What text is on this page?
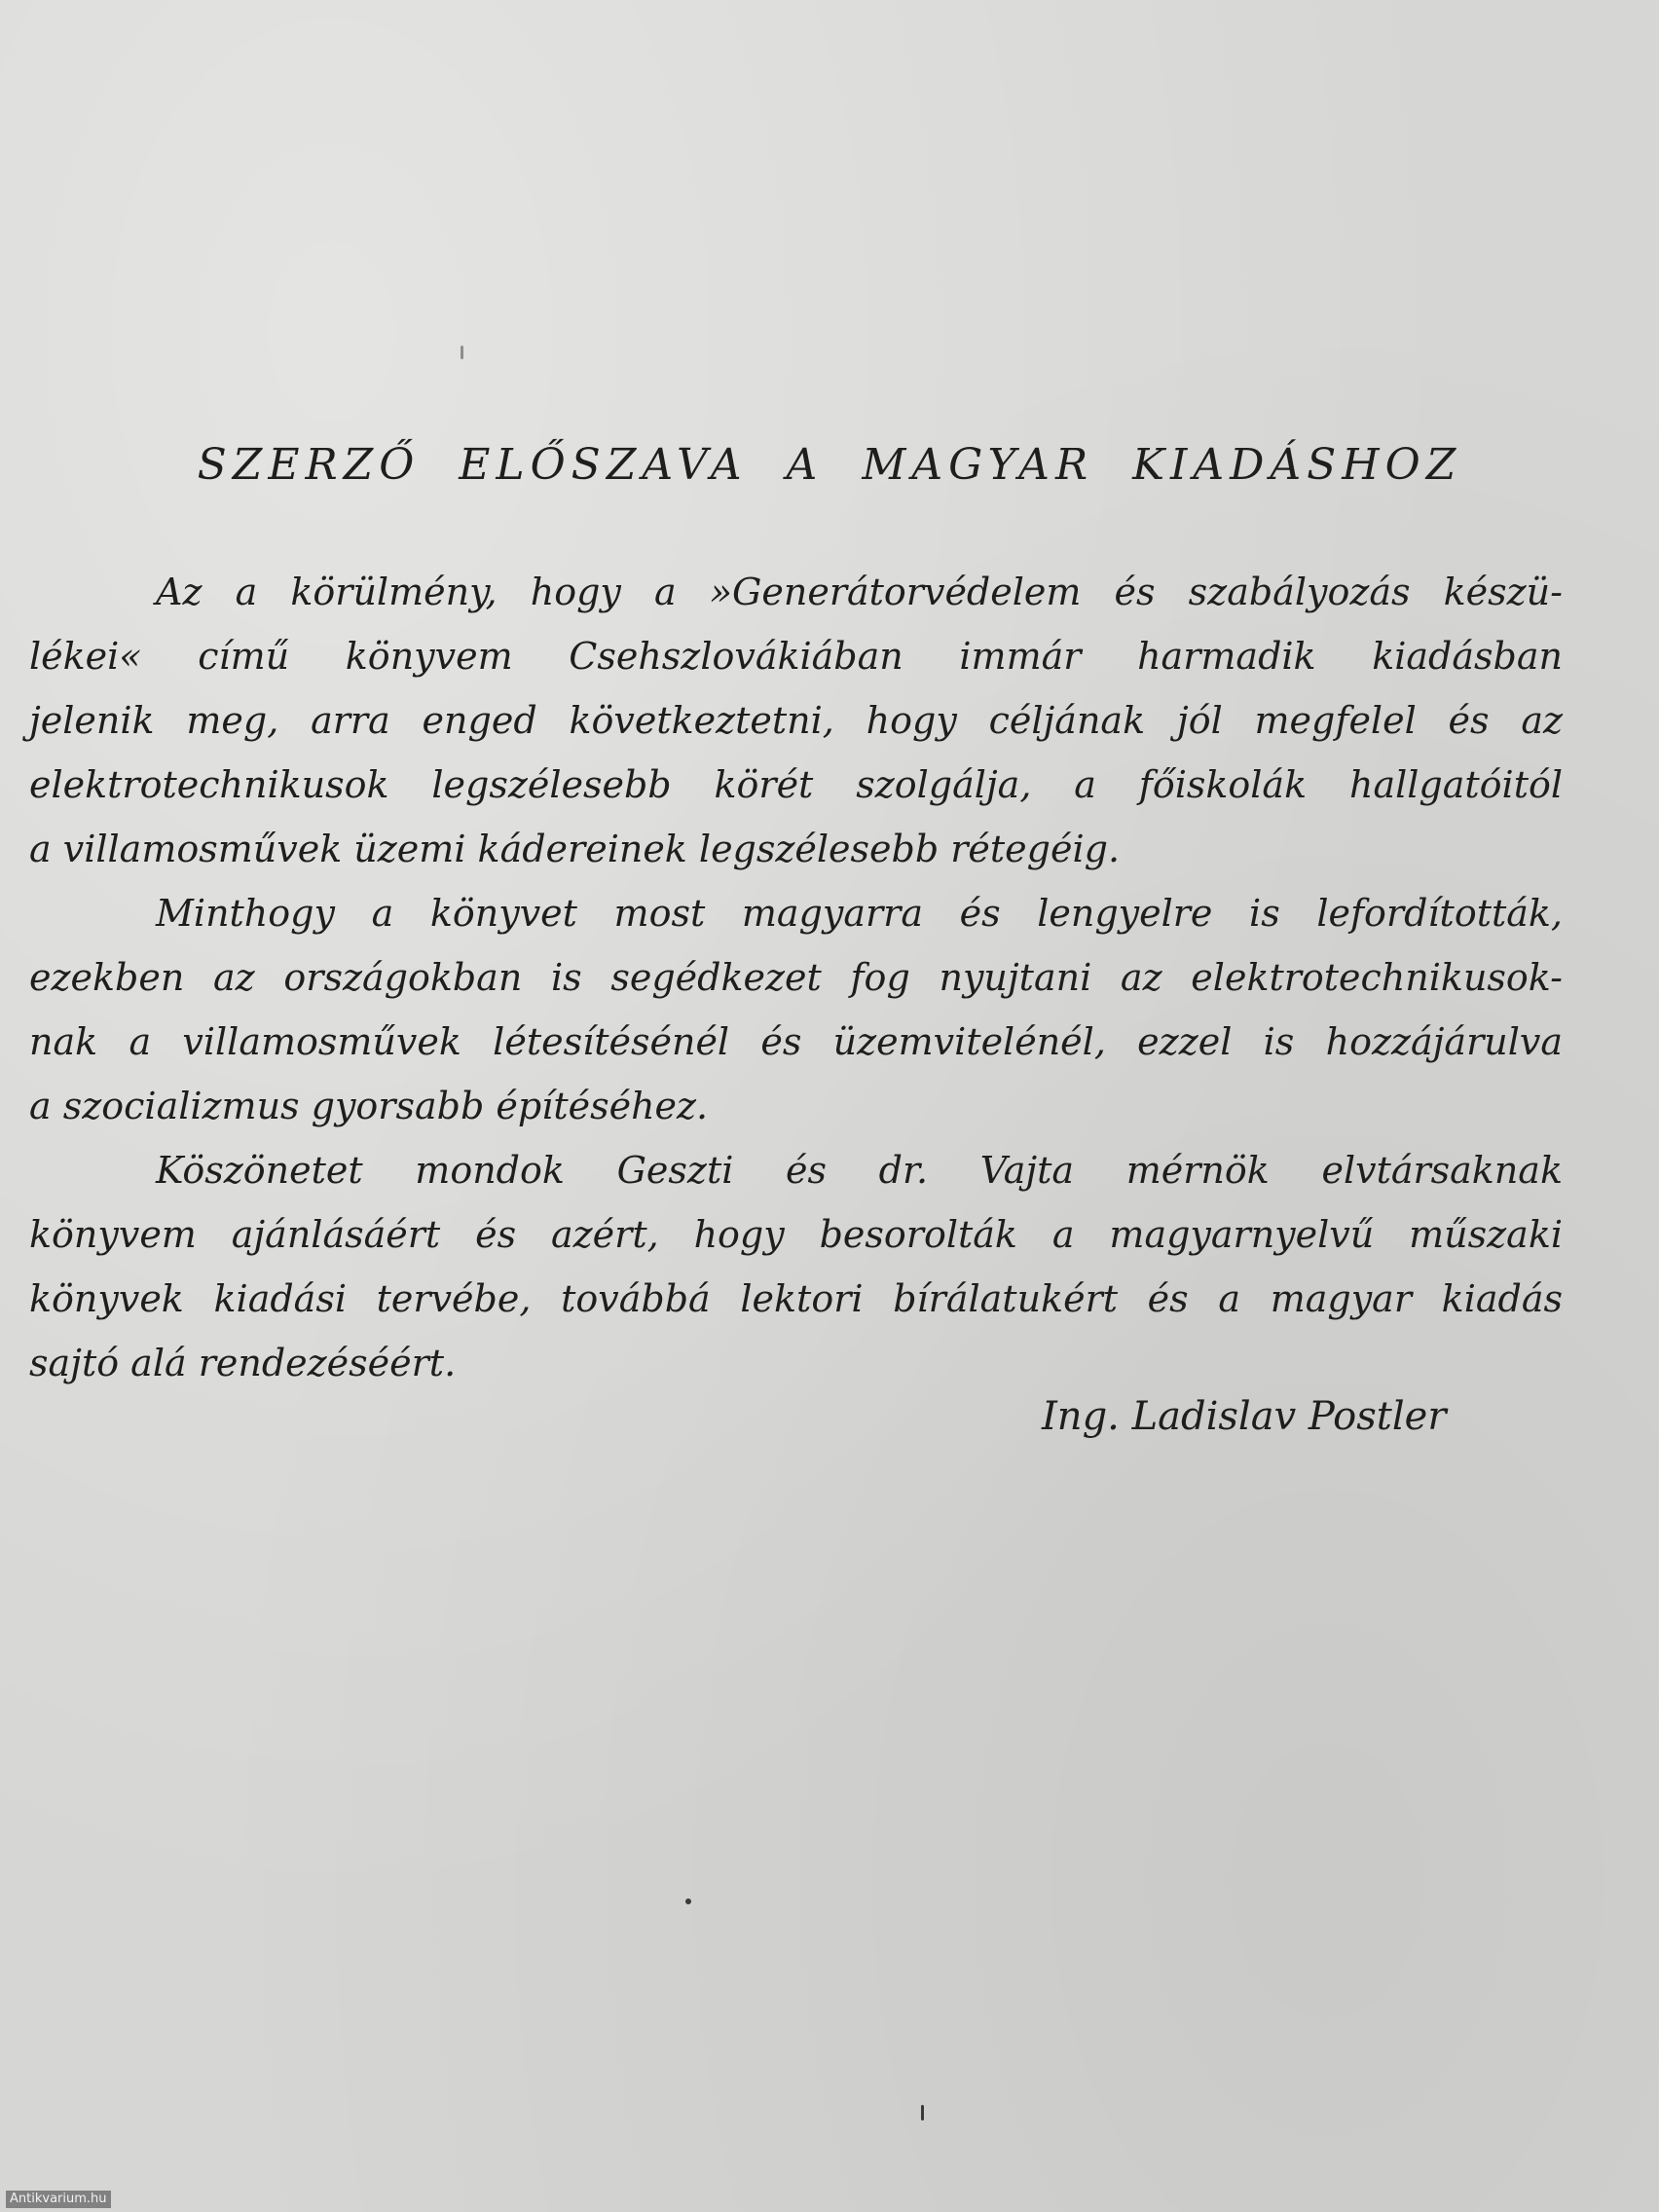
SZERZŐ ELŐSZAVA A MAGYAR KIADÁSHOZ

Az a körülmény, hogy a »Generátorvédelem és szabályozás készü-
lékei« című könyvem Csehszlovákiában immár harmadik kiadásban
jelenik meg, arra enged következtetni, hogy céljának jól megfelel és az
elektrotechnikusok legszélesebb körét szolgálja, a főiskolák hallgatóitól
a villamosművek üzemi kádereinek legszélesebb rétegéig.

Minthogy a könyvet most magyarra és lengyelre is lefordították,
ezekben az országokban is segédkezet fog nyujtani az elektrotechnikusok-
nak a villamosművek létesítésénél és üzemvitelénél, ezzel is hozzájárulva
a szocializmus gyorsabb építéséhez.

Köszönetet mondok Geszti és dr. Vajta mérnök elvtársaknak
könyvem ajánlásáért és azért, hogy besorolták a magyarnyelvű műszaki
könyvek kiadási tervébe, továbbá lektori bírálatukért és a magyar kiadás
sajtó alá rendezéséért.

Ing. Ladislav Postler
Antikvarium.hu
